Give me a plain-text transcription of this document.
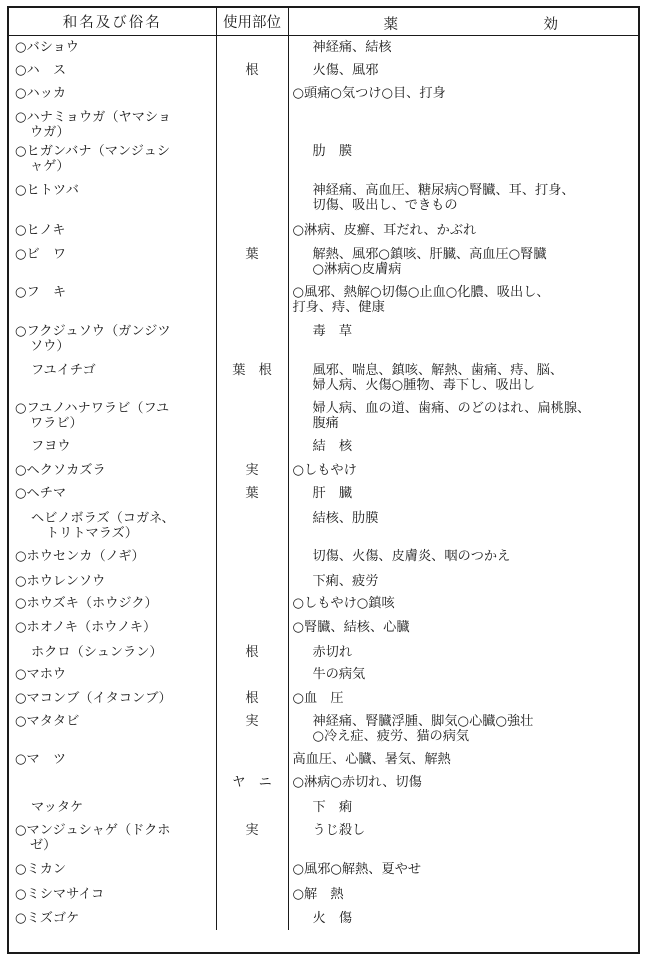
和名及び俗名	使用部位	薬 効

○バショウ		神経痛、結核

○ハ　ス	根	火傷、風邪

○ハッカ		○頭痛○気つけ○目、打身

○ハナミョウガ（ヤマショ
ウガ）		

○ヒガンバナ（マンジュシ
ャゲ）		肋　膜

○ヒトツバ		神経痛、高血圧、糖尿病○腎臓、耳、打身、
切傷、吸出し、できもの

○ヒノキ		○淋病、皮癬、耳だれ、かぶれ

○ビ　ワ	葉	解熱、風邪○鎮咳、肝臓、高血圧○腎臓
○淋病○皮膚病

○フ　キ		○風邪、熱解○切傷○止血○化膿、吸出し、
打身、痔、健康

○フクジュソウ（ガンジツ
ソウ）		毒　草

フユイチゴ	葉　根	風邪、喘息、鎮咳、解熱、歯痛、痔、脳、
婦人病、火傷○腫物、毒下し、吸出し

○フユノハナワラビ（フユ
ワラビ）		婦人病、血の道、歯痛、のどのはれ、扁桃腺、
腹痛

フヨウ		結　核

○ヘクソカズラ	実	○しもやけ

○ヘチマ	葉	肝　臓

ヘビノボラズ（コガネ、
トリトマラズ）		結核、肋膜

○ホウセンカ（ノギ）		切傷、火傷、皮膚炎、咽のつかえ

○ホウレンソウ		下痢、疲労

○ホウズキ（ホウジク）		○しもやけ○鎮咳

○ホオノキ（ホウノキ）		○腎臓、結核、心臓

ホクロ（シュンラン）	根	赤切れ

○マホウ		牛の病気

○マコンブ（イタコンブ）	根	○血　圧

○マタタビ	実	神経痛、腎臓浮腫、脚気○心臓○強壮
○冷え症、疲労、猫の病気

○マ　ツ		高血圧、心臓、暑気、解熱

	ヤ　ニ	○淋病○赤切れ、切傷

マッタケ		下　痢

○マンジュシャゲ（ドクホ
ゼ）	実	うじ殺し

○ミカン		○風邪○解熱、夏やせ

○ミシマサイコ		○解　熱

○ミズゴケ		火　傷
